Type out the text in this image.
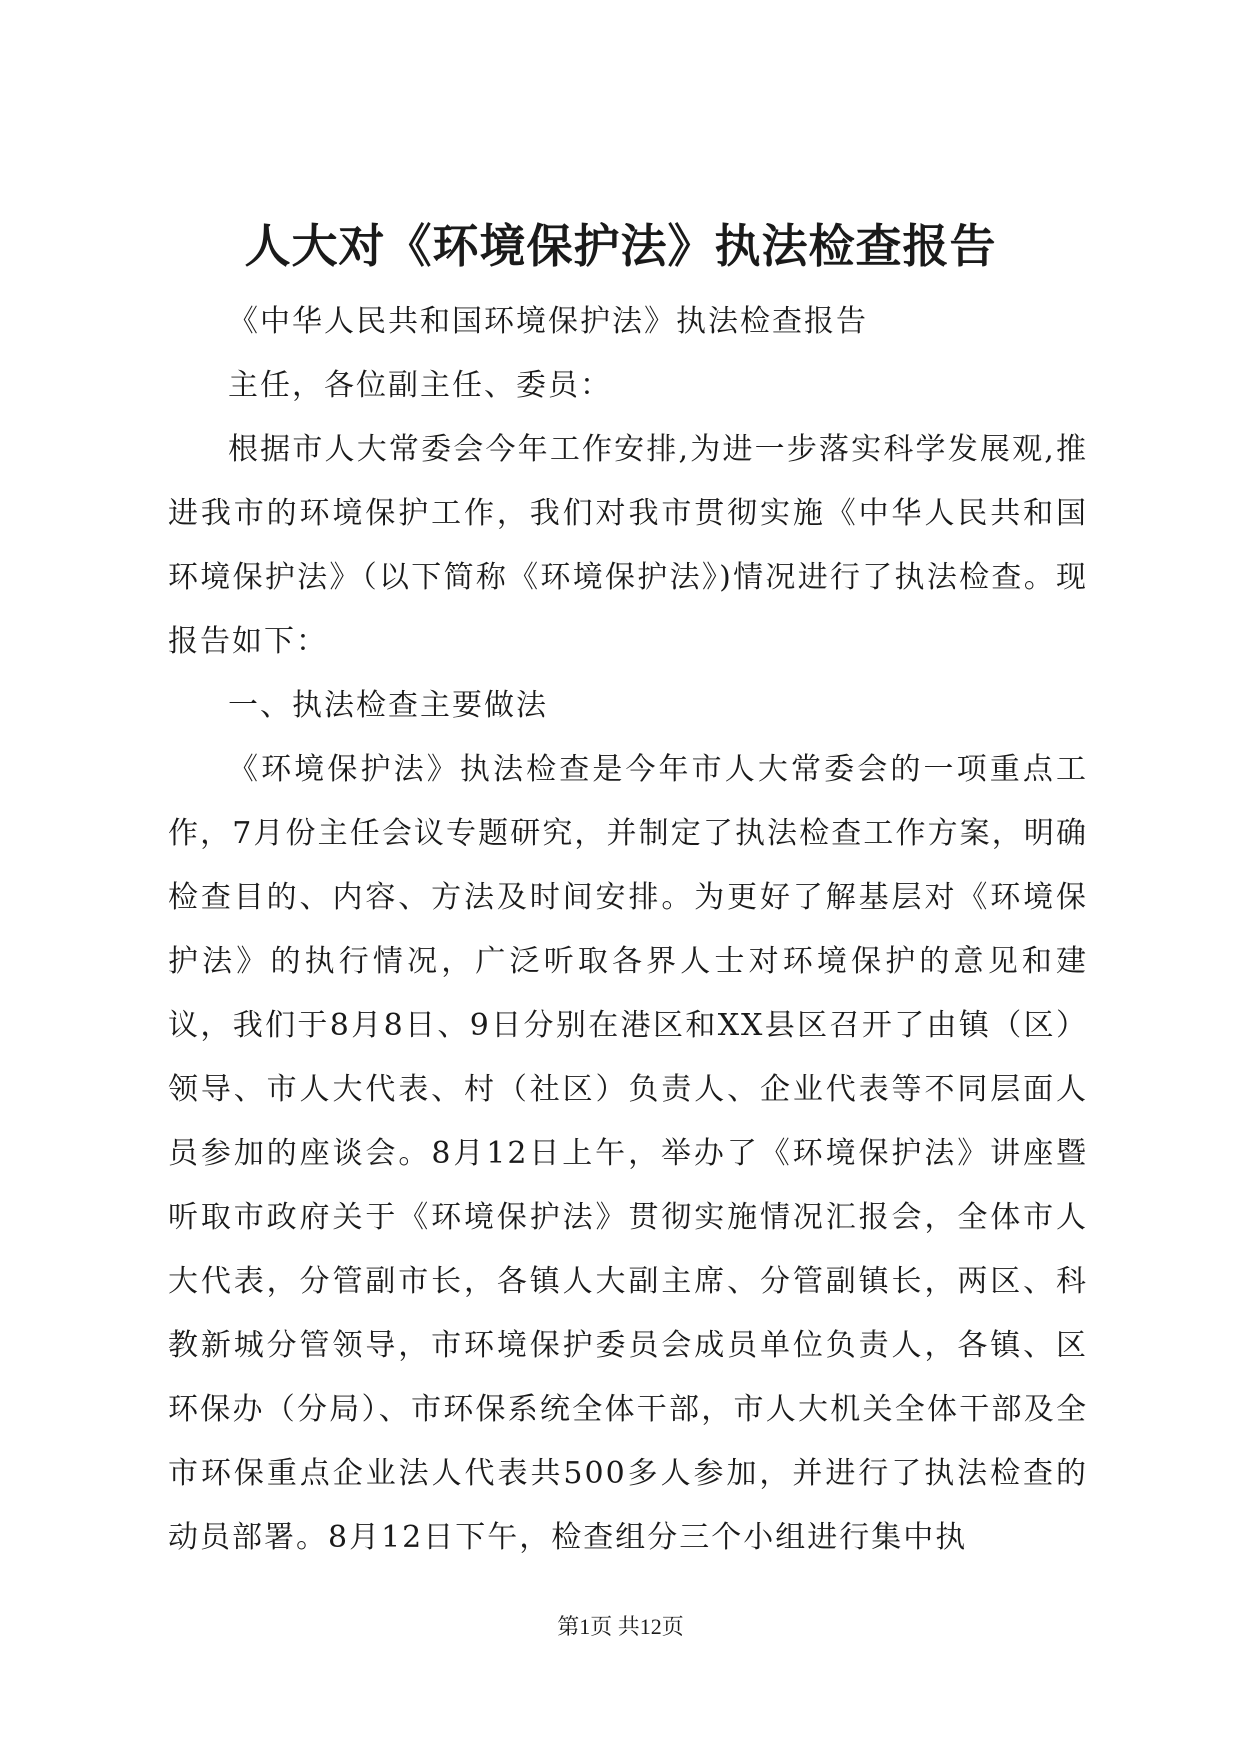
人大对《环境保护法》执法检查报告

《中华人民共和国环境保护法》执法检查报告

主任，各位副主任、委员：

根据市人大常委会今年工作安排,为进一步落实科学发展观,推进我市的环境保护工作，我们对我市贯彻实施《中华人民共和国环境保护法》（以下简称《环境保护法》)情况进行了执法检查。现报告如下：

一、执法检查主要做法

《环境保护法》执法检查是今年市人大常委会的一项重点工作，7月份主任会议专题研究，并制定了执法检查工作方案，明确检查目的、内容、方法及时间安排。为更好了解基层对《环境保护法》的执行情况，广泛听取各界人士对环境保护的意见和建议，我们于8月8日、9日分别在港区和XX县区召开了由镇（区）领导、市人大代表、村（社区）负责人、企业代表等不同层面人员参加的座谈会。8月12日上午，举办了《环境保护法》讲座暨听取市政府关于《环境保护法》贯彻实施情况汇报会，全体市人大代表，分管副市长，各镇人大副主席、分管副镇长，两区、科教新城分管领导，市环境保护委员会成员单位负责人，各镇、区环保办（分局）、市环保系统全体干部，市人大机关全体干部及全市环保重点企业法人代表共500多人参加，并进行了执法检查的动员部署。8月12日下午，检查组分三个小组进行集中执

第1页 共12页
